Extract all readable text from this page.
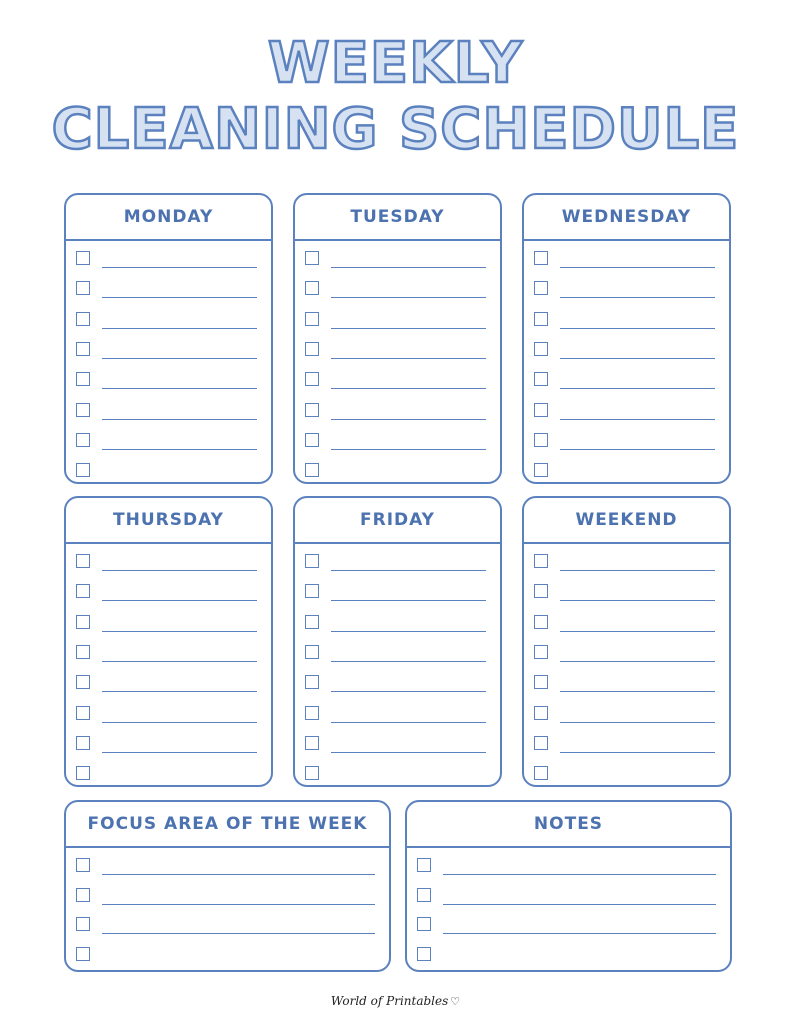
WEEKLY
CLEANING SCHEDULE
MONDAY	TUESDAY	WEDNESDAY
THURSDAY	FRIDAY	WEEKEND
FOCUS AREA OF THE WEEK	NOTES
World of Printables ♡
